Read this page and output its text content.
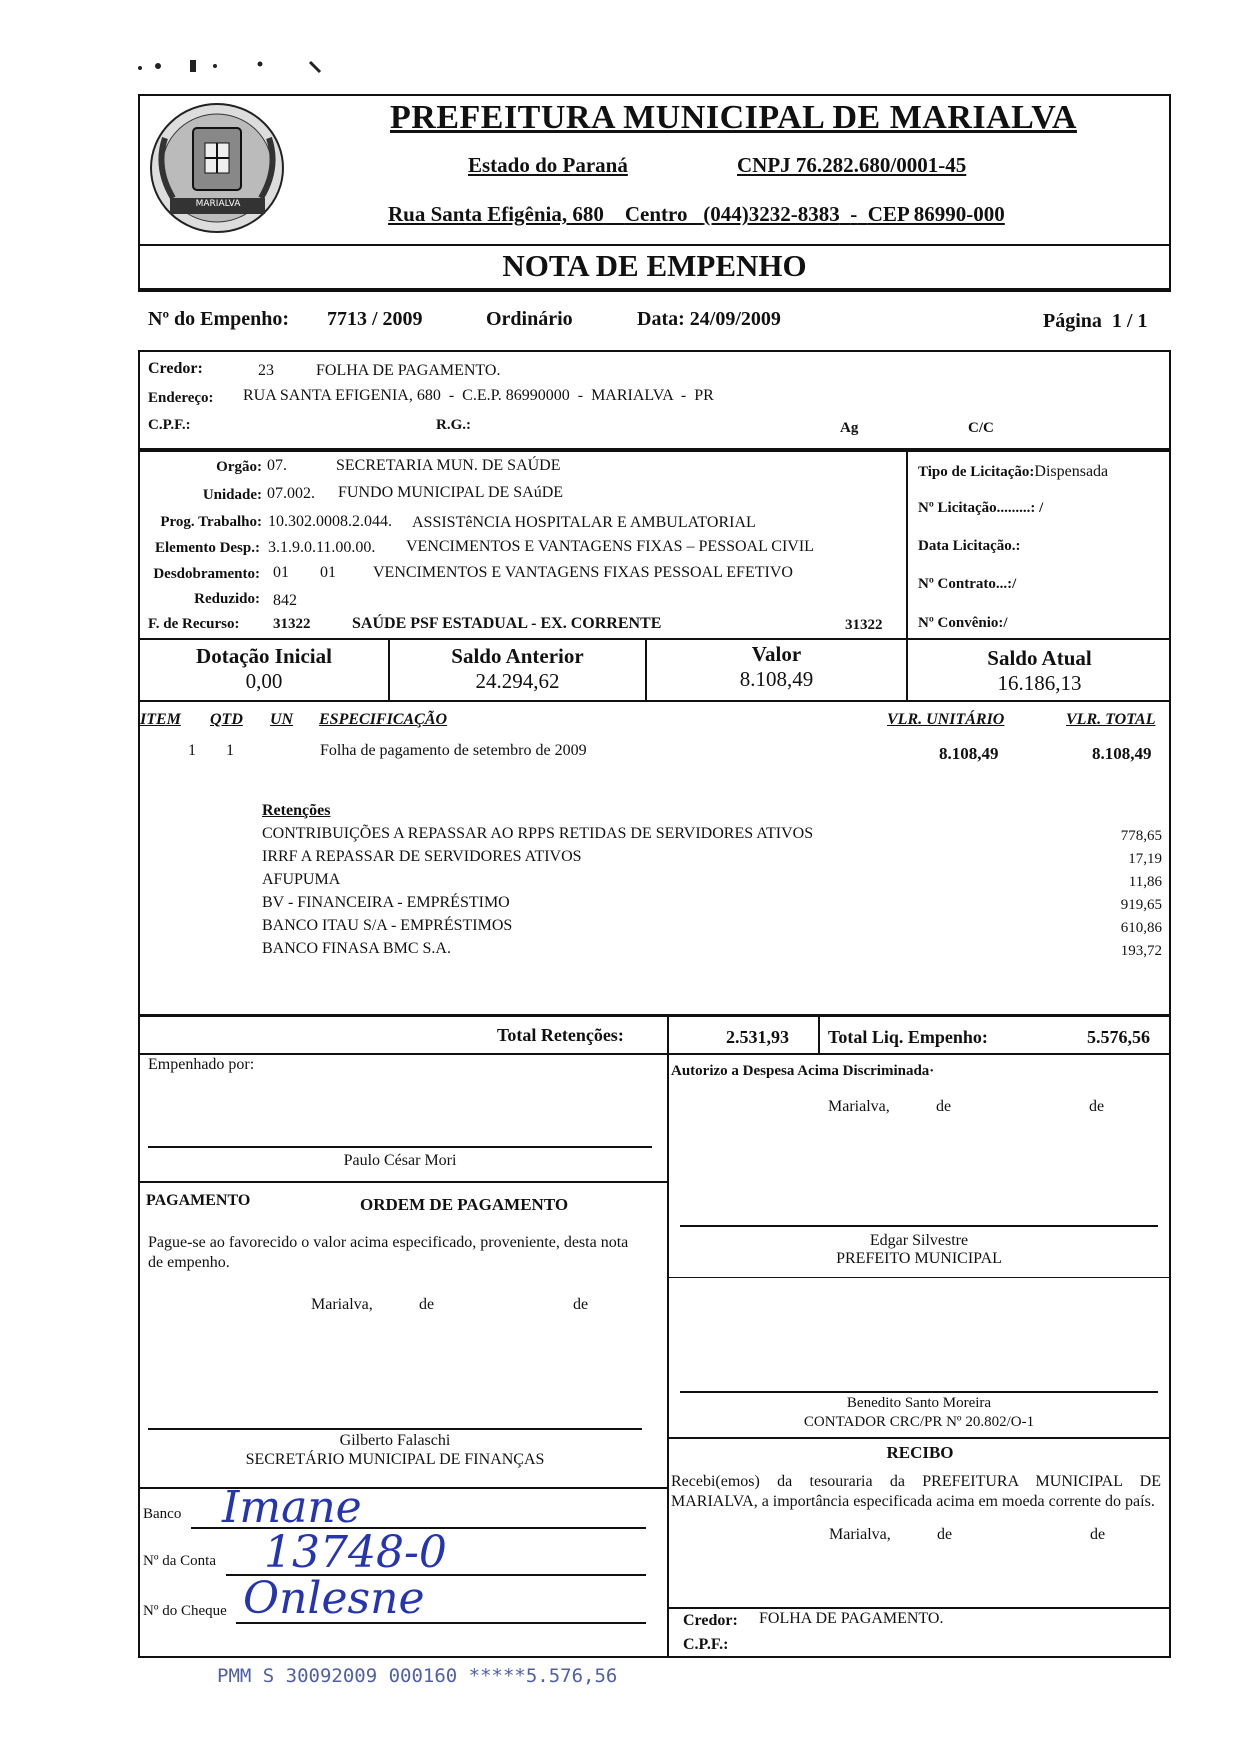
MARIALVA
PREFEITURA MUNICIPAL DE MARIALVA
Estado do Paraná	CNPJ 76.282.680/0001-45
Rua Santa Efigênia, 680 Centro (044)3232-8383 - CEP 86990-000
NOTA DE EMPENHO
Nº do Empenho: 7713 / 2009	Ordinário	Data: 24/09/2009	Página 1 / 1
Credor:	23	FOLHA DE PAGAMENTO.
Endereço: RUA SANTA EFIGENIA, 680  -  C.E.P. 86990000  -  MARIALVA  -  PR
C.P.F.:	R.G.:	Ag	C/C
Orgão: 07.	SECRETARIA MUN. DE SAÚDE
Unidade: 07.002. FUNDO MUNICIPAL DE SAúDE
Prog. Trabalho: 10.302.0008.2.044. ASSISTêNCIA HOSPITALAR E AMBULATORIAL
Elemento Desp.: 3.1.9.0.11.00.00. VENCIMENTOS E VANTAGENS FIXAS – PESSOAL CIVIL
Desdobramento: 01 01 VENCIMENTOS E VANTAGENS FIXAS PESSOAL EFETIVO
Reduzido: 842
F. de Recurso: 31322	SAÚDE PSF ESTADUAL - EX. CORRENTE	31322
Tipo de Licitação:Dispensada
Nº Licitação.........: /
Data Licitação.:
Nº Contrato...:/
Nº Convênio:/
Dotação Inicial
0,00
Saldo Anterior
24.294,62
Valor
8.108,49
Saldo Atual
16.186,13
ITEM QTD UN ESPECIFICAÇÃO	VLR. UNITÁRIO	VLR. TOTAL
1 1	Folha de pagamento de setembro de 2009	8.108,49	8.108,49
Retenções
CONTRIBUIÇÕES A REPASSAR AO RPPS RETIDAS DE SERVIDORES ATIVOS	778,65
IRRF A REPASSAR DE SERVIDORES ATIVOS	17,19
AFUPUMA	11,86
BV - FINANCEIRA - EMPRÉSTIMO	919,65
BANCO ITAU S/A - EMPRÉSTIMOS	610,86
BANCO FINASA BMC S.A.	193,72
Total Retenções:	2.531,93 Total Liq. Empenho:	5.576,56
Empenhado por:
Paulo César Mori
Autorizo a Despesa Acima Discriminada·
Marialva,	de	de
PAGAMENTO	ORDEM DE PAGAMENTO
Pague-se ao favorecido o valor acima especificado, proveniente, desta nota de empenho.
Marialva,	de	de
Edgar Silvestre
PREFEITO MUNICIPAL
Benedito Santo Moreira
CONTADOR CRC/PR Nº 20.802/O-1
Gilberto Falaschi
SECRETÁRIO MUNICIPAL DE FINANÇAS
Banco Imane
Nº da Conta 13748-0
Nº do Cheque Onlesne
RECIBO
Recebi(emos) da tesouraria da PREFEITURA MUNICIPAL DE MARIALVA, a importância especificada acima em moeda corrente do país.
Marialva,	de	de
Credor: FOLHA DE PAGAMENTO.
C.P.F.:
PMM S 30092009 000160 *****5.576,56
